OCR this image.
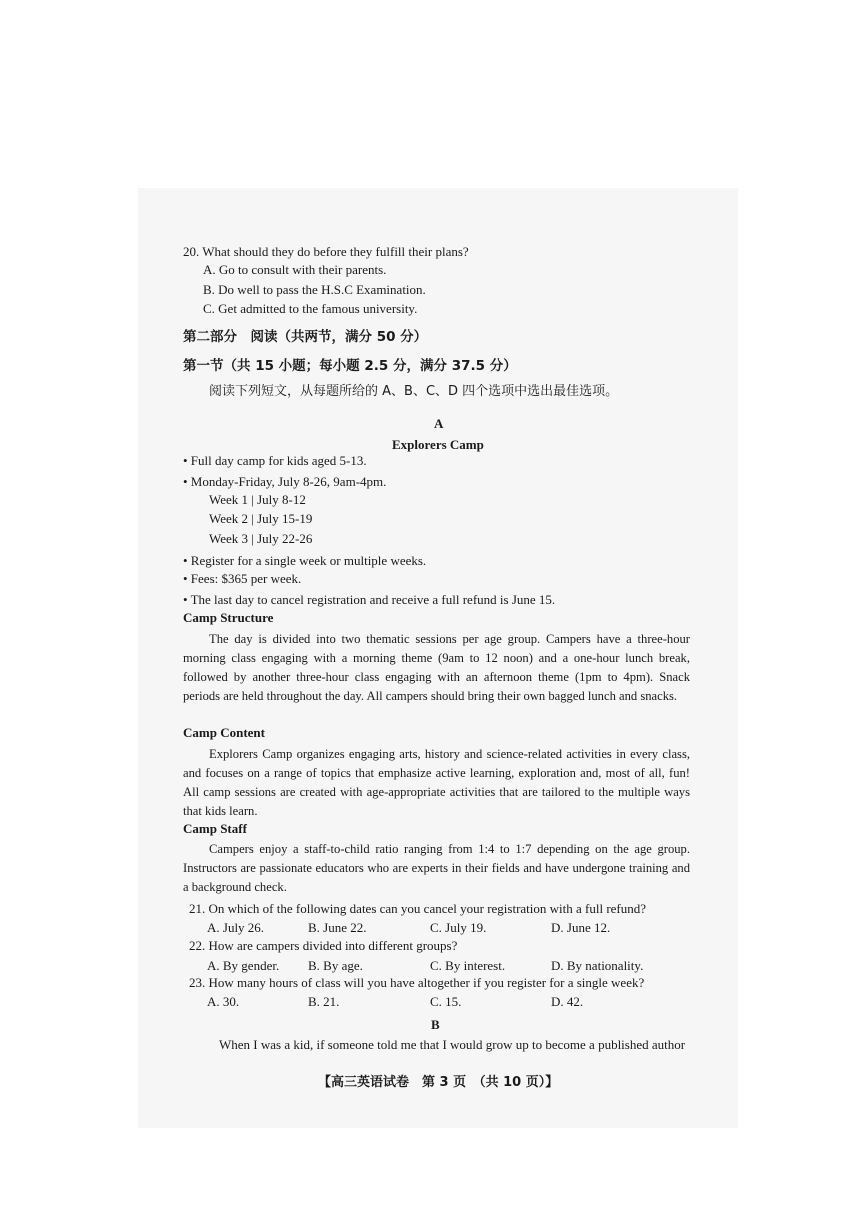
20. What should they do before they fulfill their plans?
A. Go to consult with their parents.
B. Do well to pass the H.S.C Examination.
C. Get admitted to the famous university.
第二部分　阅读（共两节，满分 50 分）
第一节（共 15 小题；每小题 2.5 分，满分 37.5 分）
阅读下列短文，从每题所给的 A、B、C、D 四个选项中选出最佳选项。
A
Explorers Camp
• Full day camp for kids aged 5-13.
• Monday-Friday, July 8-26, 9am-4pm.
Week 1 | July 8-12
Week 2 | July 15-19
Week 3 | July 22-26
• Register for a single week or multiple weeks.
• Fees: $365 per week.
• The last day to cancel registration and receive a full refund is June 15.
Camp Structure
The day is divided into two thematic sessions per age group. Campers have a three-hour morning class engaging with a morning theme (9am to 12 noon) and a one-hour lunch break, followed by another three-hour class engaging with an afternoon theme (1pm to 4pm). Snack periods are held throughout the day. All campers should bring their own bagged lunch and snacks.
Camp Content
Explorers Camp organizes engaging arts, history and science-related activities in every class, and focuses on a range of topics that emphasize active learning, exploration and, most of all, fun! All camp sessions are created with age-appropriate activities that are tailored to the multiple ways that kids learn.
Camp Staff
Campers enjoy a staff-to-child ratio ranging from 1:4 to 1:7 depending on the age group. Instructors are passionate educators who are experts in their fields and have undergone training and a background check.
21. On which of the following dates can you cancel your registration with a full refund?
A. July 26.	B. June 22.	C. July 19.	D. June 12.
22. How are campers divided into different groups?
A. By gender. B. By age.	C. By interest.	D. By nationality.
23. How many hours of class will you have altogether if you register for a single week?
A. 30.	B. 21.	C. 15.	D. 42.
B
When I was a kid, if someone told me that I would grow up to become a published author
【高三英语试卷　第 3 页　（共 10 页）】
